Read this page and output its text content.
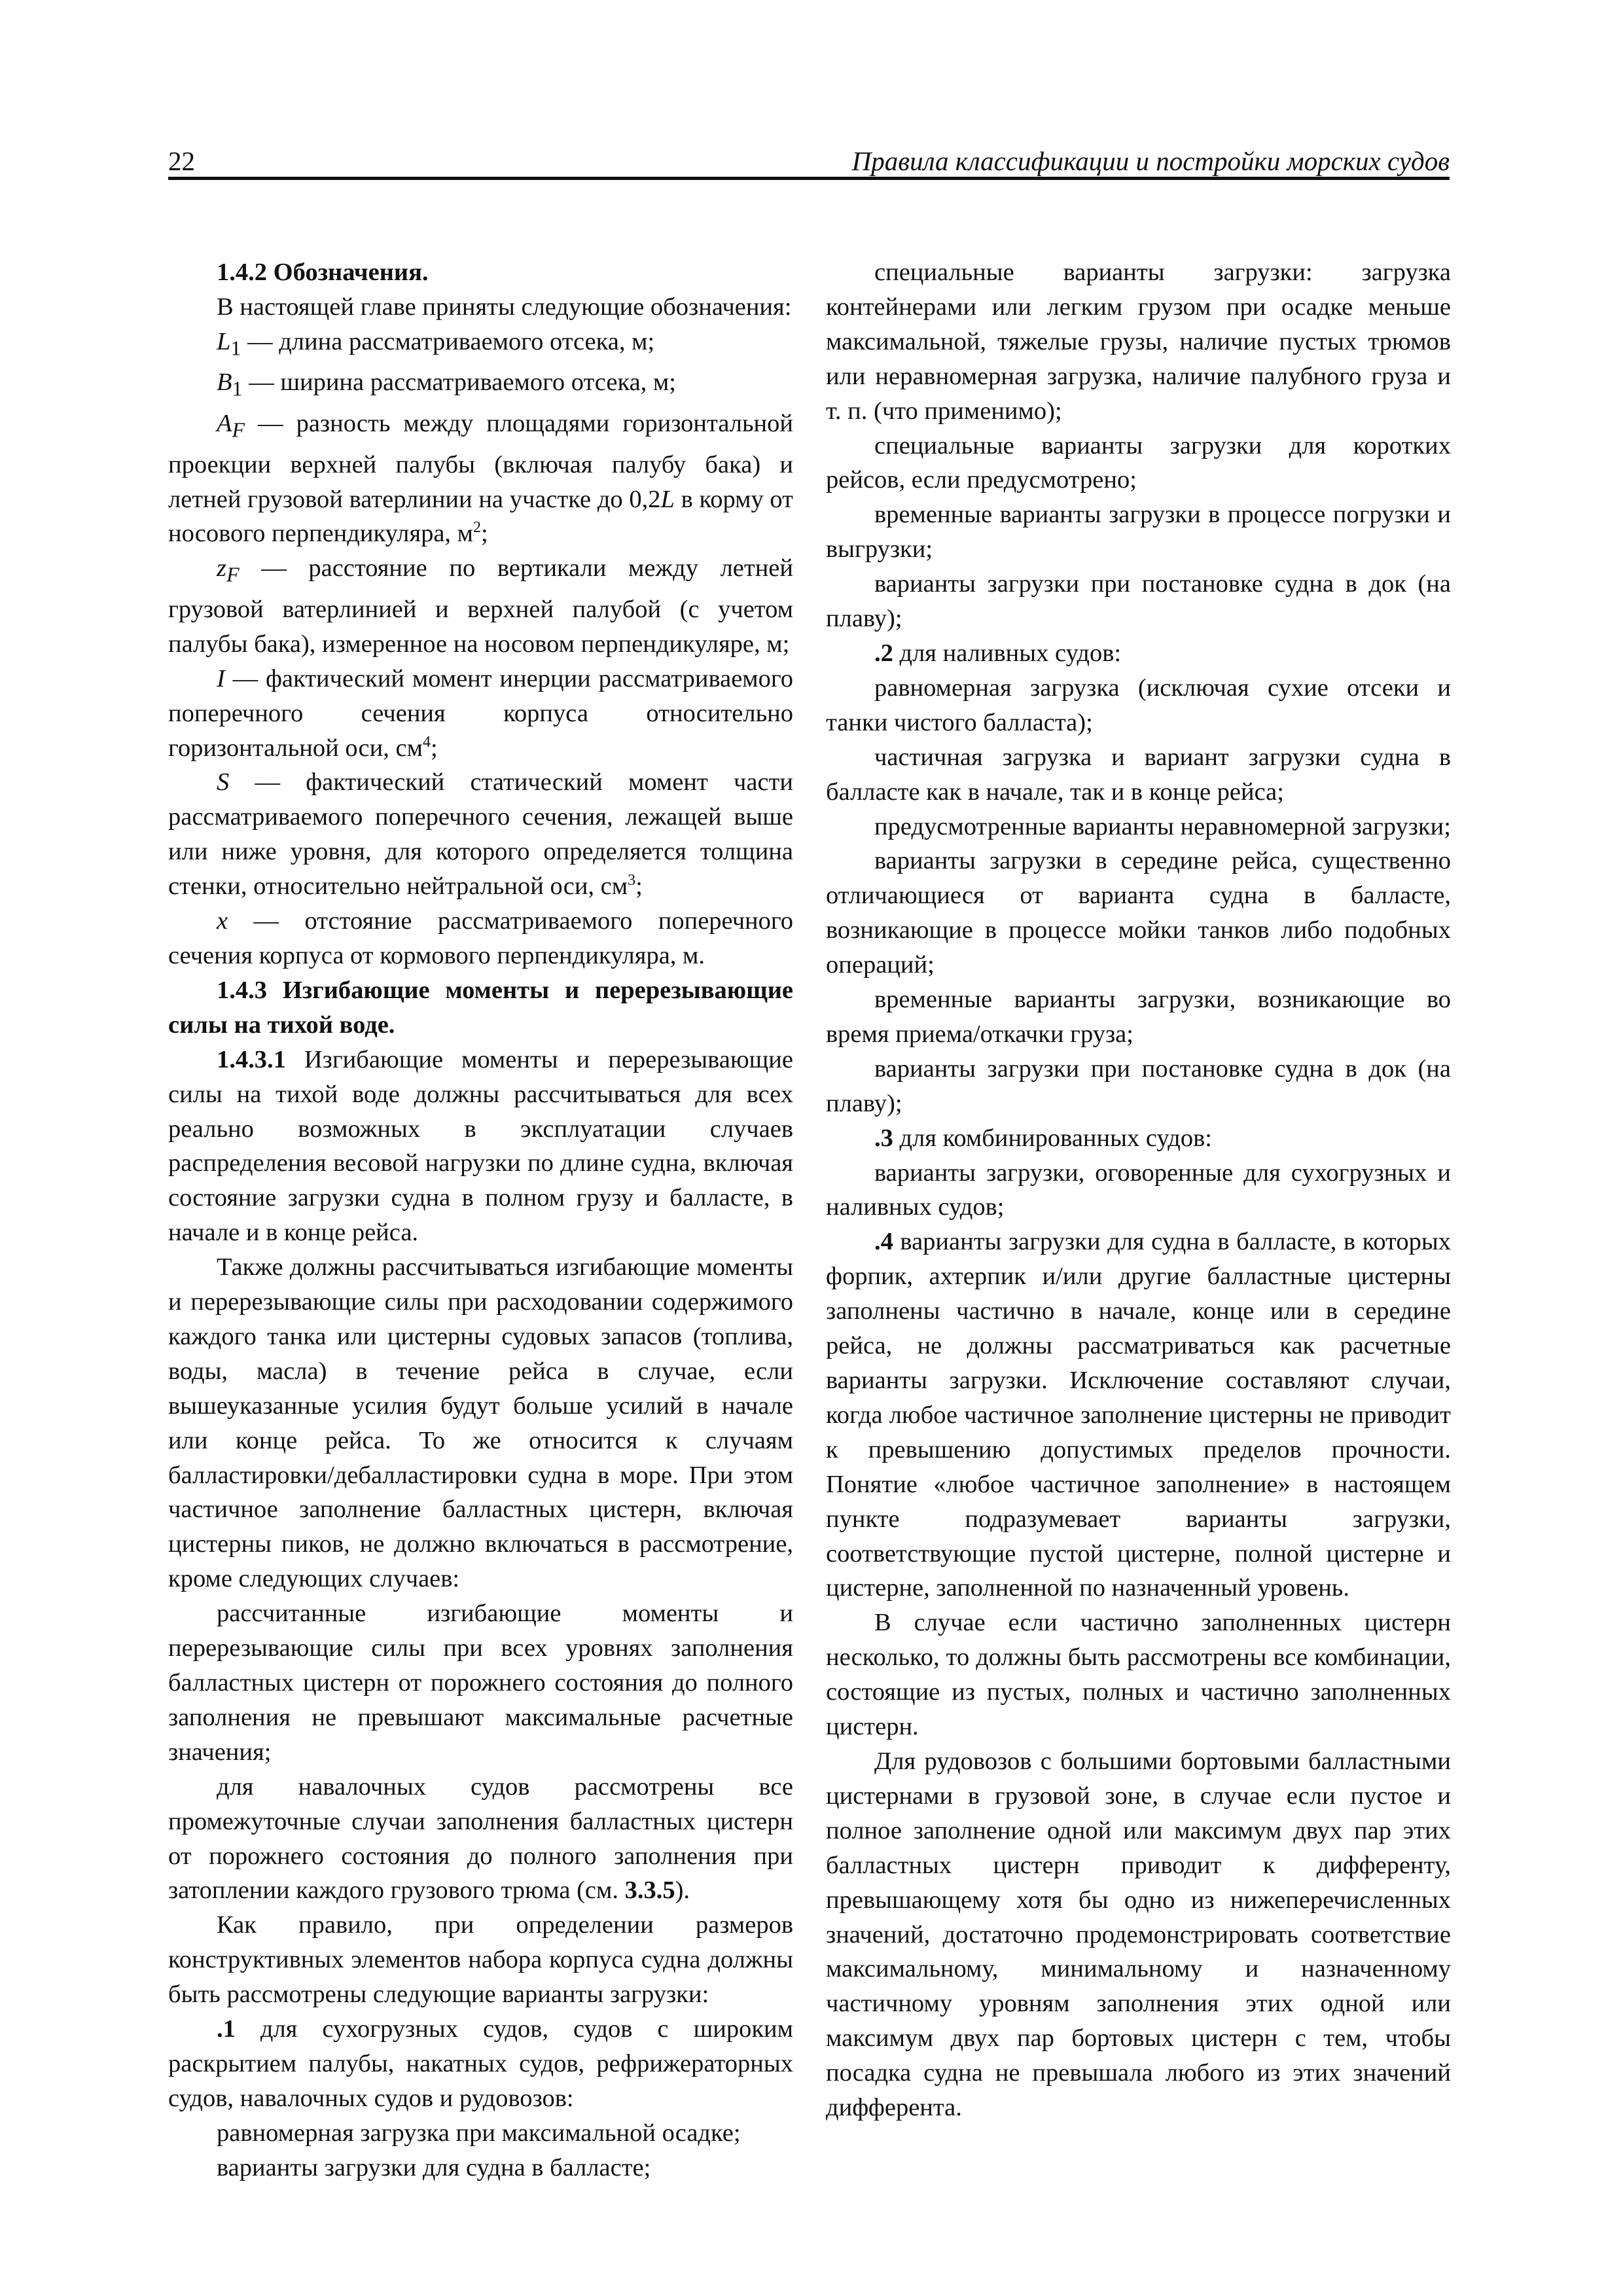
22	Правила классификации и постройки морских судов

1.4.2 Обозначения.

В настоящей главе приняты следующие обозначения:

$L_1$ — длина рассматриваемого отсека, м;

$B_1$ — ширина рассматриваемого отсека, м;

$A_F$ — разность между площадями горизонтальной проекции верхней палубы (включая палубу бака) и летней грузовой ватерлинии на участке до 0,2L в корму от носового перпендикуляра, $м^2$;

$z_F$ — расстояние по вертикали между летней грузовой ватерлинией и верхней палубой (с учетом палубы бака), измеренное на носовом перпендикуляре, м;

I — фактический момент инерции рассматриваемого поперечного сечения корпуса относительно горизонтальной оси, $см^4$;

S — фактический статический момент части рассматриваемого поперечного сечения, лежащей выше или ниже уровня, для которого определяется толщина стенки, относительно нейтральной оси, $см^3$;

x — отстояние рассматриваемого поперечного сечения корпуса от кормового перпендикуляра, м.

1.4.3 Изгибающие моменты и перерезывающие силы на тихой воде.

1.4.3.1 Изгибающие моменты и перерезывающие силы на тихой воде должны рассчитываться для всех реально возможных в эксплуатации случаев распределения весовой нагрузки по длине судна, включая состояние загрузки судна в полном грузу и балласте, в начале и в конце рейса.

Также должны рассчитываться изгибающие моменты и перерезывающие силы при расходовании содержимого каждого танка или цистерны судовых запасов (топлива, воды, масла) в течение рейса в случае, если вышеуказанные усилия будут больше усилий в начале или конце рейса. То же относится к случаям балластировки/дебалластировки судна в море. При этом частичное заполнение балластных цистерн, включая цистерны пиков, не должно включаться в рассмотрение, кроме следующих случаев:

рассчитанные изгибающие моменты и перерезывающие силы при всех уровнях заполнения балластных цистерн от порожнего состояния до полного заполнения не превышают максимальные расчетные значения;

для навалочных судов рассмотрены все промежуточные случаи заполнения балластных цистерн от порожнего состояния до полного заполнения при затоплении каждого грузового трюма (см. 3.3.5).

Как правило, при определении размеров конструктивных элементов набора корпуса судна должны быть рассмотрены следующие варианты загрузки:

.1 для сухогрузных судов, судов с широким раскрытием палубы, накатных судов, рефрижераторных судов, навалочных судов и рудовозов:

равномерная загрузка при максимальной осадке;

варианты загрузки для судна в балласте;

специальные варианты загрузки: загрузка контейнерами или легким грузом при осадке меньше максимальной, тяжелые грузы, наличие пустых трюмов или неравномерная загрузка, наличие палубного груза и т. п. (что применимо);

специальные варианты загрузки для коротких рейсов, если предусмотрено;

временные варианты загрузки в процессе погрузки и выгрузки;

варианты загрузки при постановке судна в док (на плаву);

.2 для наливных судов:

равномерная загрузка (исключая сухие отсеки и танки чистого балласта);

частичная загрузка и вариант загрузки судна в балласте как в начале, так и в конце рейса;

предусмотренные варианты неравномерной загрузки;

варианты загрузки в середине рейса, существенно отличающиеся от варианта судна в балласте, возникающие в процессе мойки танков либо подобных операций;

временные варианты загрузки, возникающие во время приема/откачки груза;

варианты загрузки при постановке судна в док (на плаву);

.3 для комбинированных судов:

варианты загрузки, оговоренные для сухогрузных и наливных судов;

.4 варианты загрузки для судна в балласте, в которых форпик, ахтерпик и/или другие балластные цистерны заполнены частично в начале, конце или в середине рейса, не должны рассматриваться как расчетные варианты загрузки. Исключение составляют случаи, когда любое частичное заполнение цистерны не приводит к превышению допустимых пределов прочности. Понятие «любое частичное заполнение» в настоящем пункте подразумевает варианты загрузки, соответствующие пустой цистерне, полной цистерне и цистерне, заполненной по назначенный уровень.

В случае если частично заполненных цистерн несколько, то должны быть рассмотрены все комбинации, состоящие из пустых, полных и частично заполненных цистерн.

Для рудовозов с большими бортовыми балластными цистернами в грузовой зоне, в случае если пустое и полное заполнение одной или максимум двух пар этих балластных цистерн приводит к дифференту, превышающему хотя бы одно из нижеперечисленных значений, достаточно продемонстрировать соответствие максимальному, минимальному и назначенному частичному уровням заполнения этих одной или максимум двух пар бортовых цистерн с тем, чтобы посадка судна не превышала любого из этих значений дифферента.
